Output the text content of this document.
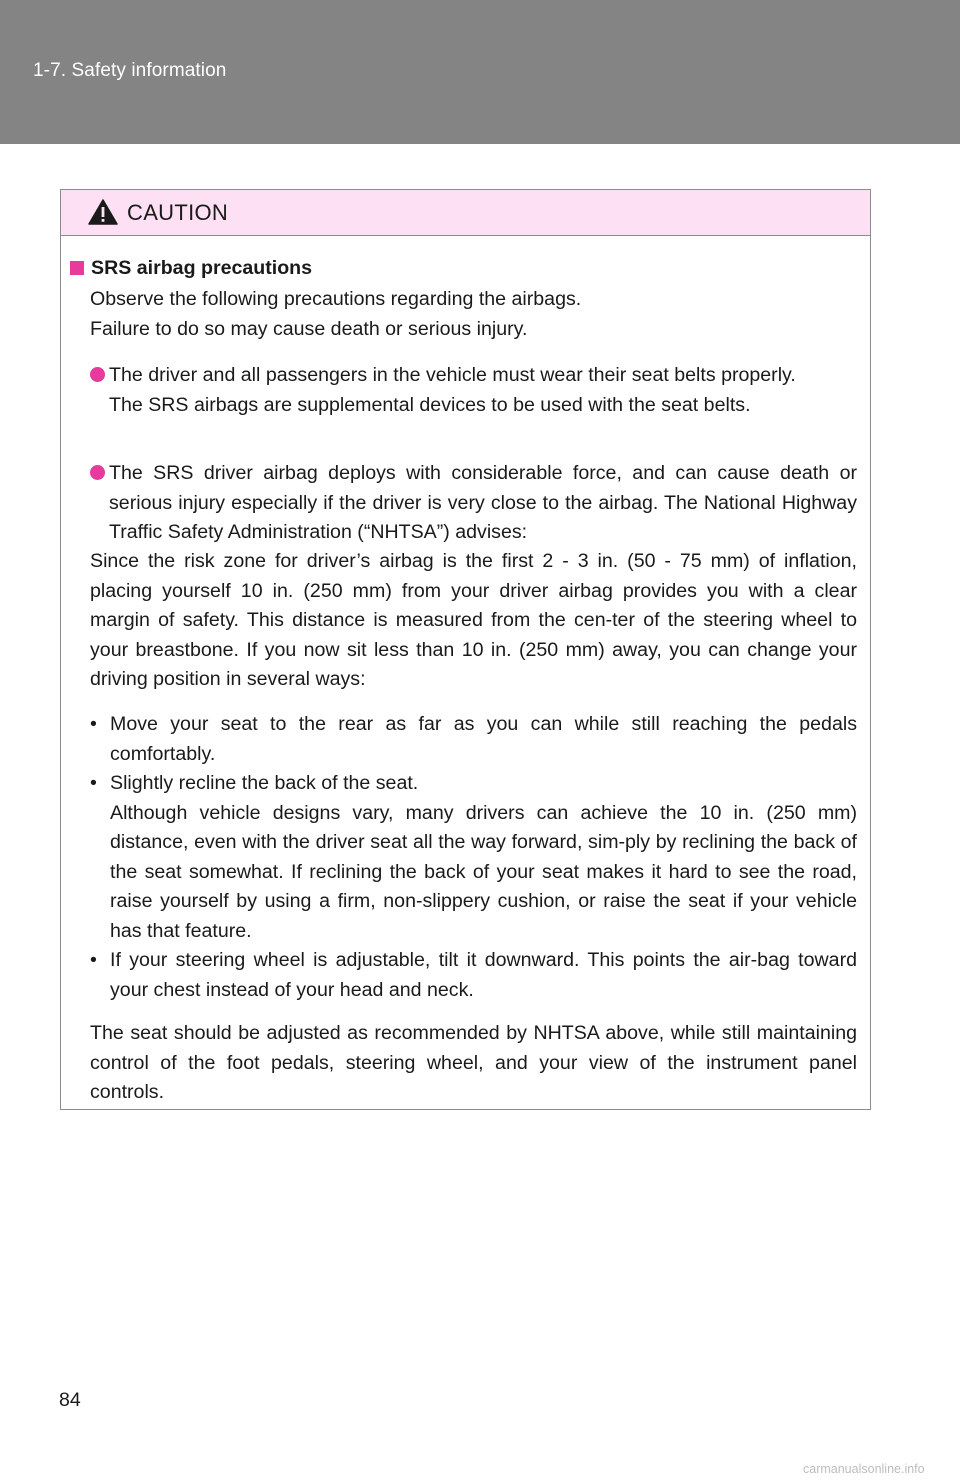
1-7. Safety information
CAUTION
SRS airbag precautions

Observe the following precautions regarding the airbags.

Failure to do so may cause death or serious injury.

The driver and all passengers in the vehicle must wear their seat belts properly.

The SRS airbags are supplemental devices to be used with the seat belts.

The SRS driver airbag deploys with considerable force, and can cause death or serious injury especially if the driver is very close to the airbag. The National Highway Traffic Safety Administration (“NHTSA”) advises:

Since the risk zone for driver’s airbag is the first 2 - 3 in. (50 - 75 mm) of inflation, placing yourself 10 in. (250 mm) from your driver airbag provides you with a clear margin of safety. This distance is measured from the cen-ter of the steering wheel to your breastbone. If you now sit less than 10 in. (250 mm) away, you can change your driving position in several ways:
• Move your seat to the rear as far as you can while still reaching the pedals comfortably.

• Slightly recline the back of the seat.

Although vehicle designs vary, many drivers can achieve the 10 in. (250 mm) distance, even with the driver seat all the way forward, sim-ply by reclining the back of the seat somewhat. If reclining the back of your seat makes it hard to see the road, raise yourself by using a firm, non-slippery cushion, or raise the seat if your vehicle has that feature.

• If your steering wheel is adjustable, tilt it downward. This points the air-bag toward your chest instead of your head and neck.

The seat should be adjusted as recommended by NHTSA above, while still maintaining control of the foot pedals, steering wheel, and your view of the instrument panel controls.
84
carmanualsonline.info
